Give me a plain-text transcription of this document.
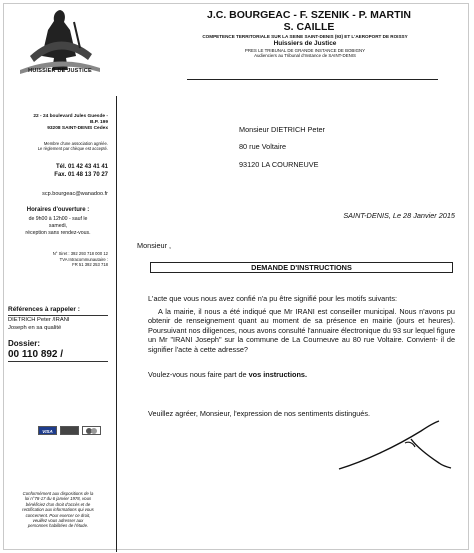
HUISSIER DE JUSTICE
22 - 24 boulevard Jules Guesde -
B.P. 199
93208 SAINT-DENIS Cedex
Membre d'une association agréée.
Le règlement par chèque est accepté.
Tél. 01 42 43 41 41
Fax. 01 48 13 70 27
scp.bourgeac@wanadoo.fr
Horaires d'ouverture :
de 9h00 à 12h00 - sauf le
samedi,
réception sans rendez-vous.
N° Siret : 392 293 718 000 12
TVA Intracommunautaire :
FR 51 392 253 718
Références à rappeler :
DIETRICH Peter /IRANI
Joseph en sa qualité
Dossier:
00 110 892 /
VISA
Conformément aux dispositions de la
loi n°78-17 du 6 janvier 1978, vous
bénéficiez d'un droit d'accès et de
rectification aux informations qui vous
concernent. Pour exercer ce droit,
veuillez vous adresser aux
personnes habilitées de l'étude.
J.C. BOURGEAC - F. SZENIK - P. MARTIN
S. CAILLE
COMPETENCE TERRITORIALE SUR LA SEINE SAINT-DENIS (93) ET L'AEROPORT DE ROISSY
Huissiers de Justice
PRES LE TRIBUNAL DE GRANDE INSTANCE DE BOBIGNY
Audienciers au Tribunal d'Instance de SAINT-DENIS
Monsieur DIETRICH Peter
80 rue Voltaire
93120 LA COURNEUVE
SAINT-DENIS, Le 28 Janvier 2015
Monsieur ,
DEMANDE D'INSTRUCTIONS
L'acte que vous nous avez confié n'a pu être signifié pour les motifs suivants:
A la mairie, il nous a été indiqué que Mr IRANI est conseiller municipal. Nous n'avons pu obtenir de renseignement quant au moment de sa présence en mairie (jours et heures). Poursuivant nos diligences, nous avons consulté l'annuaire électronique du 93 sur lequel figure un Mr "IRANI Joseph" sur la commune de La Courneuve au 80 rue Voltaire. Convient- il de signifier l'acte à cette adresse?
Voulez-vous nous faire part de vos instructions.
Veuillez agréer, Monsieur, l'expression de nos sentiments distingués.
